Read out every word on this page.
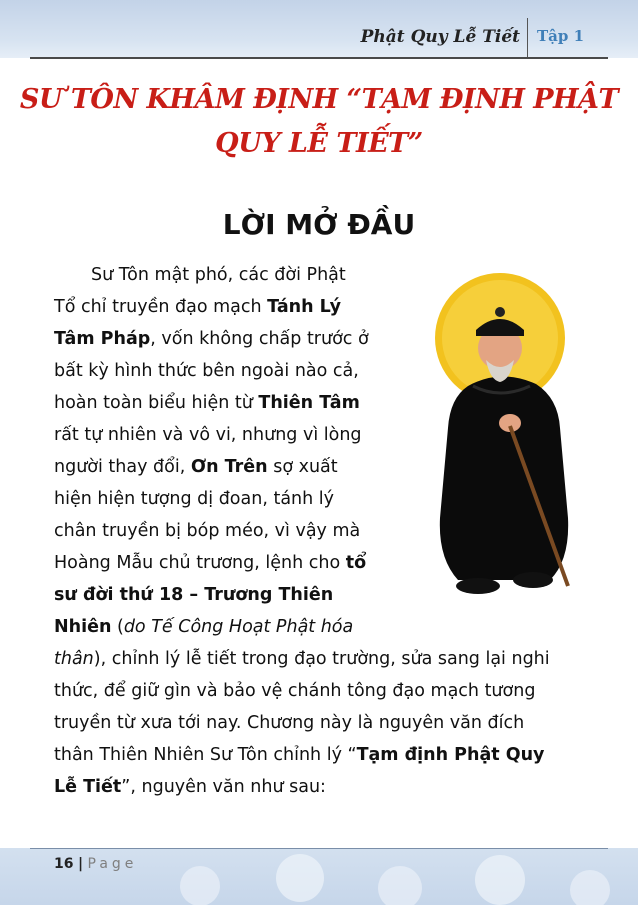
Phật Quy Lễ Tiết Tập 1
SƯ TÔN KHÂM ĐỊNH “TẠM ĐỊNH PHẬT
QUY LỄ TIẾT”
LỜI MỞ ĐẦU
Sư Tôn mật phó, các đời Phật
Tổ chỉ truyền đạo mạch Tánh Lý
Tâm Pháp, vốn không chấp trước ở
bất kỳ hình thức bên ngoài nào cả,
hoàn toàn biểu hiện từ Thiên Tâm
rất tự nhiên và vô vi, nhưng vì lòng
người thay đổi, Ơn Trên sợ xuất
hiện hiện tượng dị đoan, tánh lý
chân truyền bị bóp méo, vì vậy mà
Hoàng Mẫu chủ trương, lệnh cho tổ
sư đời thứ 18 – Trương Thiên
Nhiên (do Tế Công Hoạt Phật hóa
thân), chỉnh lý lễ tiết trong đạo trường, sửa sang lại nghi
thức, để giữ gìn và bảo vệ chánh tông đạo mạch tương
truyền từ xưa tới nay. Chương này là nguyên văn đích
thân Thiên Nhiên Sư Tôn chỉnh lý “Tạm định Phật Quy
Lễ Tiết”, nguyên văn như sau:
16 | Page
